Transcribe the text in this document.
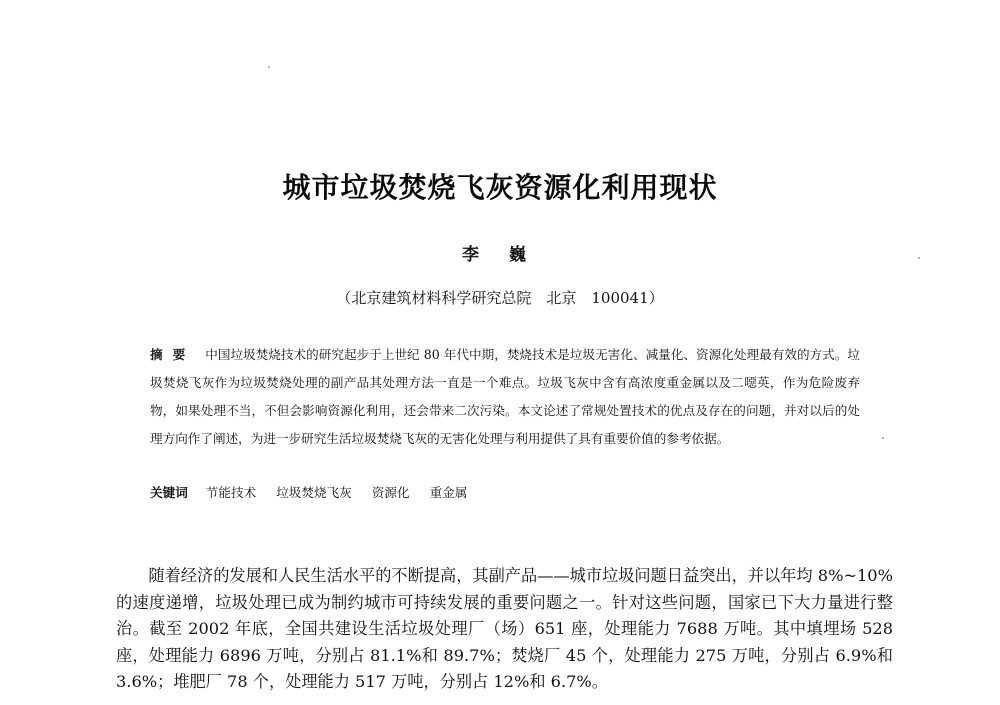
城市垃圾焚烧飞灰资源化利用现状
李 巍
（北京建筑材料科学研究总院　北京　100041）
摘要 中国垃圾焚烧技术的研究起步于上世纪 80 年代中期，焚烧技术是垃圾无害化、减量化、资源化处理最有效的方式。垃圾焚烧飞灰作为垃圾焚烧处理的副产品其处理方法一直是一个难点。垃圾飞灰中含有高浓度重金属以及二噁英，作为危险废弃物，如果处理不当，不但会影响资源化利用，还会带来二次污染。本文论述了常规处置技术的优点及存在的问题，并对以后的处理方向作了阐述，为进一步研究生活垃圾焚烧飞灰的无害化处理与利用提供了具有重要价值的参考依据。
关键词 节能技术 垃圾焚烧飞灰 资源化 重金属

随着经济的发展和人民生活水平的不断提高，其副产品——城市垃圾问题日益突出，并以年均 8%~10%的速度递增，垃圾处理已成为制约城市可持续发展的重要问题之一。针对这些问题，国家已下大力量进行整治。截至 2002 年底，全国共建设生活垃圾处理厂（场）651 座，处理能力 7688 万吨。其中填埋场 528 座，处理能力 6896 万吨，分别占 81.1%和 89.7%；焚烧厂 45 个，处理能力 275 万吨，分别占 6.9%和 3.6%；堆肥厂 78 个，处理能力 517 万吨，分别占 12%和 6.7%。
